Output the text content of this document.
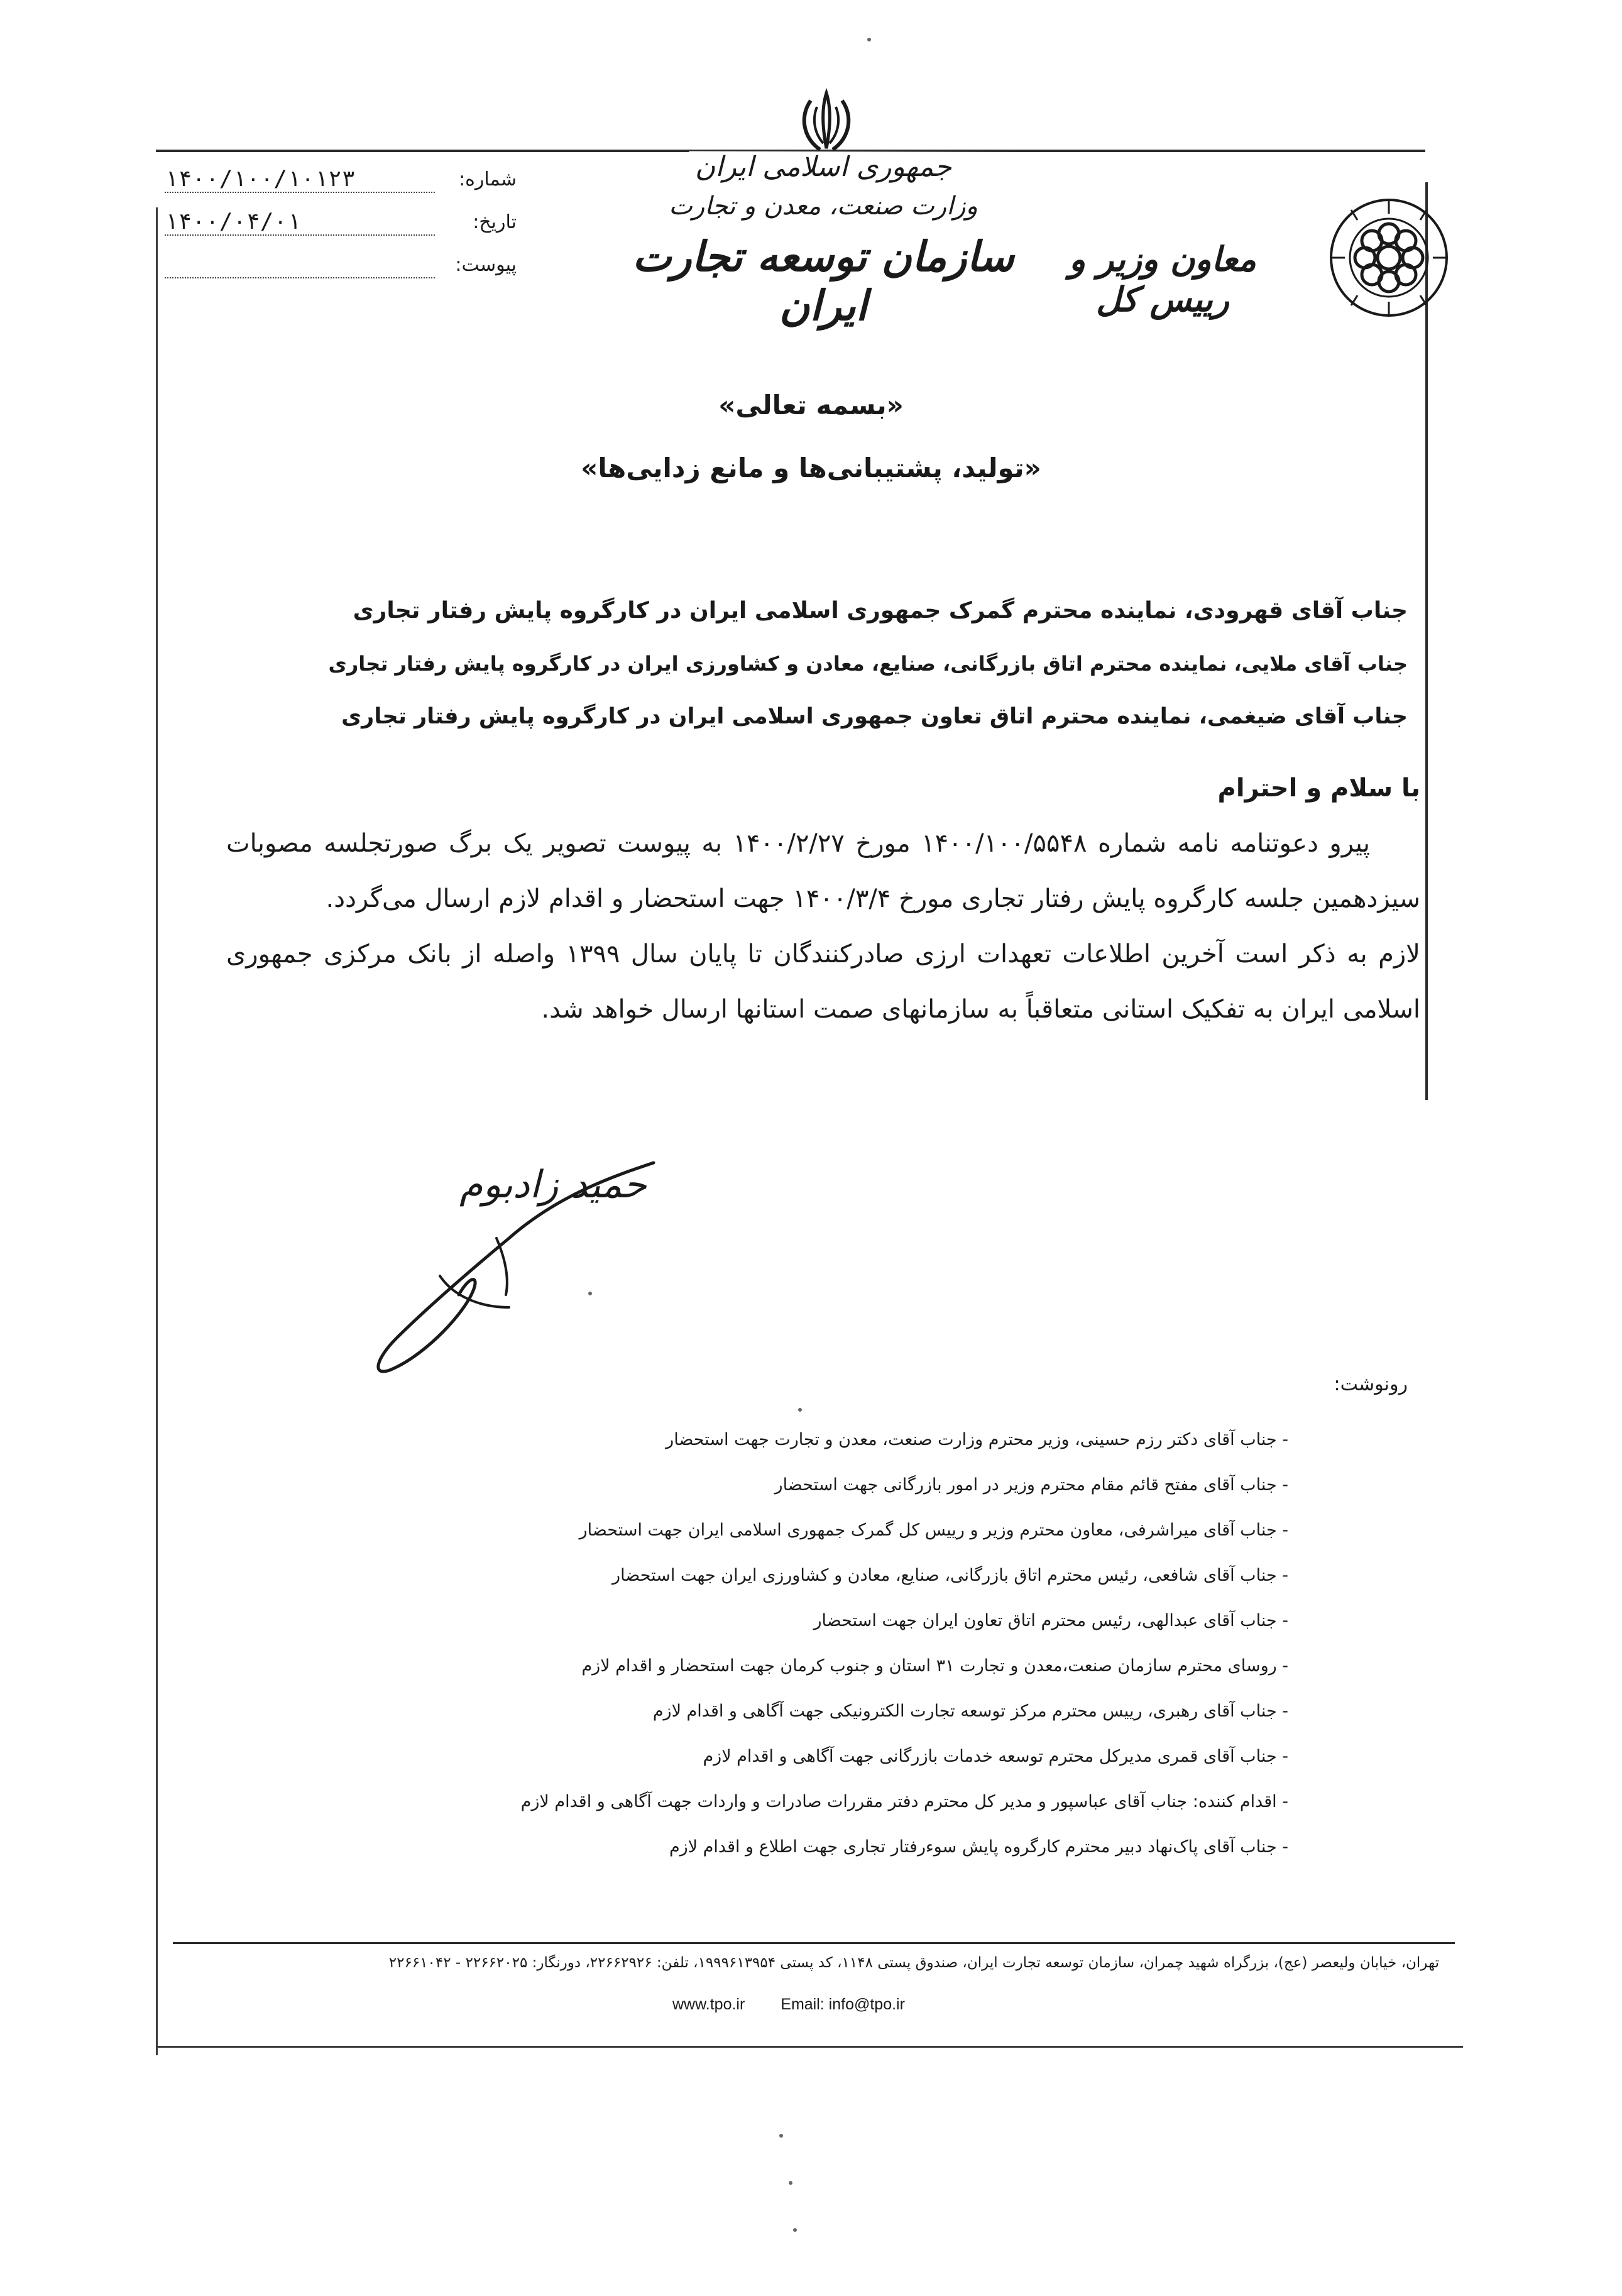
جمهوری اسلامی ایران
وزارت صنعت، معدن و تجارت
سازمان توسعه تجارت ایران
معاون وزیر و رییس کل
شماره:
۱۴۰۰/۱۰۰/۱۰۱۲۳
تاریخ:
۱۴۰۰/۰۴/۰۱
پیوست:

«بسمه تعالی»
«تولید، پشتیبانی‌ها و مانع زدایی‌ها»
جناب آقای قهرودی، نماینده محترم گمرک جمهوری اسلامی ایران در کارگروه پایش رفتار تجاری
جناب آقای ملایی، نماینده محترم اتاق بازرگانی، صنایع، معادن و کشاورزی ایران در کارگروه پایش رفتار تجاری
جناب آقای ضیغمی، نماینده محترم اتاق تعاون جمهوری اسلامی ایران در کارگروه پایش رفتار تجاری
با سلام و احترام
پیرو دعوتنامه نامه شماره ۱۴۰۰/۱۰۰/۵۵۴۸ مورخ ۱۴۰۰/۲/۲۷ به پیوست تصویر یک برگ صورتجلسه مصوبات سیزدهمین جلسه کارگروه پایش رفتار تجاری مورخ ۱۴۰۰/۳/۴ جهت استحضار و اقدام لازم ارسال می‌گردد.
لازم به ذکر است آخرین اطلاعات تعهدات ارزی صادرکنندگان تا پایان سال ۱۳۹۹ واصله از بانک مرکزی جمهوری اسلامی ایران به تفکیک استانی متعاقباً به سازمانهای صمت استانها ارسال خواهد شد.
حمید زادبوم
رونوشت:
- جناب آقای دکتر رزم حسینی، وزیر محترم وزارت صنعت، معدن و تجارت جهت استحضار
- جناب آقای مفتح قائم مقام محترم وزیر در امور بازرگانی جهت استحضار
- جناب آقای میراشرفی، معاون محترم وزیر و رییس کل گمرک جمهوری اسلامی ایران جهت استحضار
- جناب آقای شافعی، رئیس محترم اتاق بازرگانی، صنایع، معادن و کشاورزی ایران جهت استحضار
- جناب آقای عبدالهی، رئیس محترم اتاق تعاون ایران جهت استحضار
- روسای محترم سازمان صنعت،معدن و تجارت ۳۱ استان و جنوب کرمان جهت استحضار و اقدام لازم
- جناب آقای رهبری، رییس محترم مرکز توسعه تجارت الکترونیکی جهت آگاهی و اقدام لازم
- جناب آقای قمری مدیرکل محترم توسعه خدمات بازرگانی جهت آگاهی و اقدام لازم
- اقدام کننده: جناب آقای عباسپور و مدیر کل محترم دفتر مقررات صادرات و واردات جهت آگاهی و اقدام لازم
- جناب آقای پاک‌نهاد دبیر محترم کارگروه پایش سوء‌رفتار تجاری جهت اطلاع و اقدام لازم
تهران، خیابان ولیعصر (عج)، بزرگراه شهید چمران، سازمان توسعه تجارت ایران، صندوق پستی ۱۱۴۸، کد پستی ۱۹۹۹۶۱۳۹۵۴، تلفن: ۲۲۶۶۲۹۲۶، دورنگار: ۲۲۶۶۲۰۲۵ - ۲۲۶۶۱۰۴۲
www.tpo.ir Email: info@tpo.ir
